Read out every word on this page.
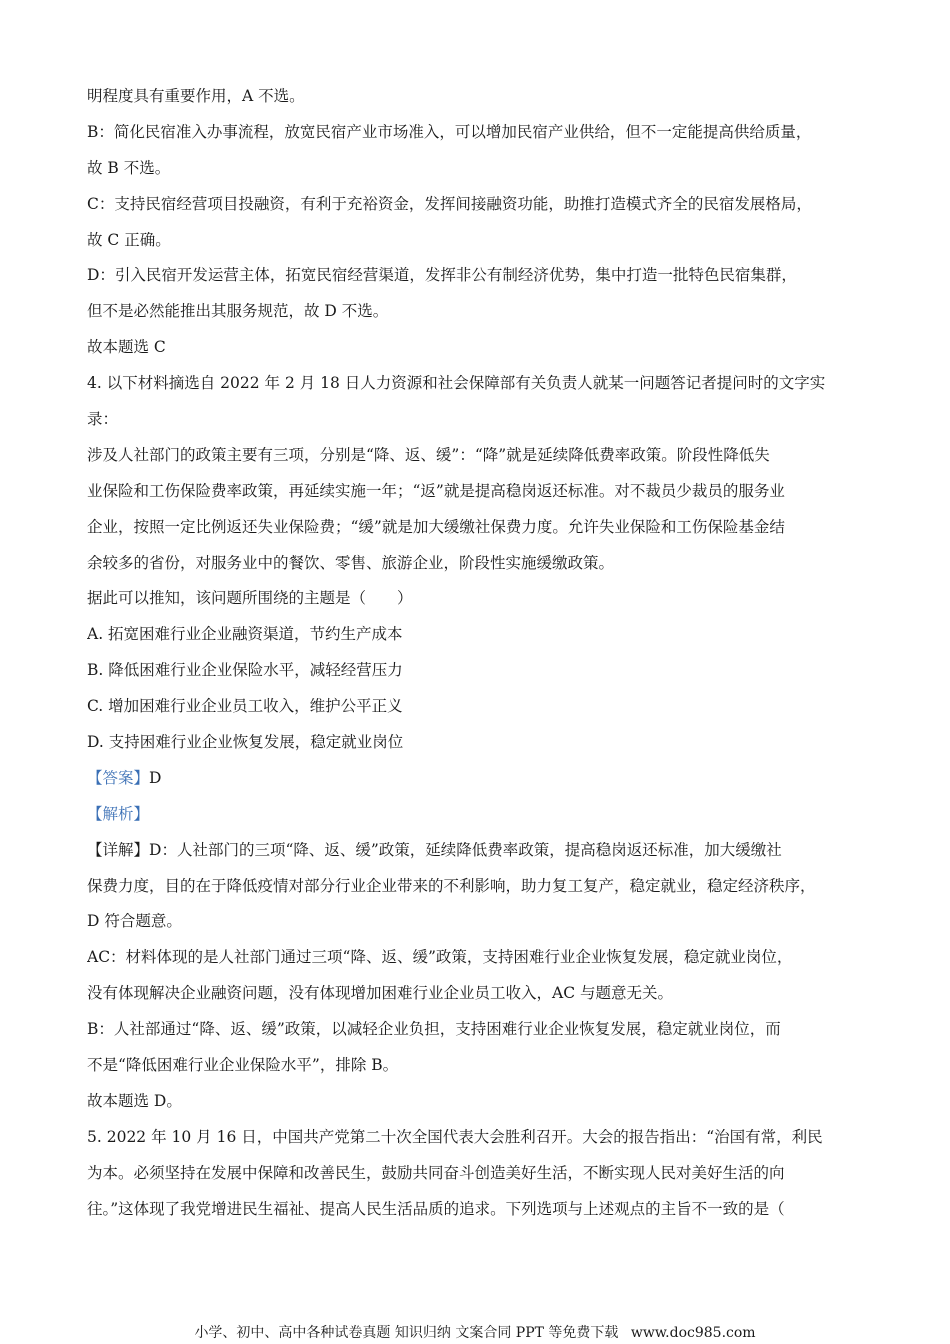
明程度具有重要作用，A 不选。
B：简化民宿准入办事流程，放宽民宿产业市场准入，可以增加民宿产业供给，但不一定能提高供给质量，
故 B 不选。
C：支持民宿经营项目投融资，有利于充裕资金，发挥间接融资功能，助推打造模式齐全的民宿发展格局，
故 C 正确。
D：引入民宿开发运营主体，拓宽民宿经营渠道，发挥非公有制经济优势，集中打造一批特色民宿集群，
但不是必然能推出其服务规范，故 D 不选。
故本题选 C
4. 以下材料摘选自 2022 年 2 月 18 日人力资源和社会保障部有关负责人就某一问题答记者提问时的文字实
录：
涉及人社部门的政策主要有三项，分别是“降、返、缓”：“降”就是延续降低费率政策。阶段性降低失
业保险和工伤保险费率政策，再延续实施一年；“返”就是提高稳岗返还标准。对不裁员少裁员的服务业
企业，按照一定比例返还失业保险费；“缓”就是加大缓缴社保费力度。允许失业保险和工伤保险基金结
余较多的省份，对服务业中的餐饮、零售、旅游企业，阶段性实施缓缴政策。
据此可以推知，该问题所围绕的主题是（　　）
A. 拓宽困难行业企业融资渠道，节约生产成本
B. 降低困难行业企业保险水平，减轻经营压力
C. 增加困难行业企业员工收入，维护公平正义
D. 支持困难行业企业恢复发展，稳定就业岗位
【答案】D
【解析】
【详解】D：人社部门的三项“降、返、缓”政策，延续降低费率政策，提高稳岗返还标准，加大缓缴社
保费力度，目的在于降低疫情对部分行业企业带来的不利影响，助力复工复产，稳定就业，稳定经济秩序，
D 符合题意。
AC：材料体现的是人社部门通过三项“降、返、缓”政策，支持困难行业企业恢复发展，稳定就业岗位，
没有体现解决企业融资问题，没有体现增加困难行业企业员工收入，AC 与题意无关。
B：人社部通过“降、返、缓”政策，以减轻企业负担，支持困难行业企业恢复发展，稳定就业岗位，而
不是“降低困难行业企业保险水平”，排除 B。
故本题选 D。
5. 2022 年 10 月 16 日，中国共产党第二十次全国代表大会胜利召开。大会的报告指出：“治国有常，利民
为本。必须坚持在发展中保障和改善民生，鼓励共同奋斗创造美好生活，不断实现人民对美好生活的向
往。”这体现了我党增进民生福祉、提高人民生活品质的追求。下列选项与上述观点的主旨不一致的是（
小学、初中、高中各种试卷真题 知识归纳 文案合同 PPT 等免费下载 www.doc985.com
